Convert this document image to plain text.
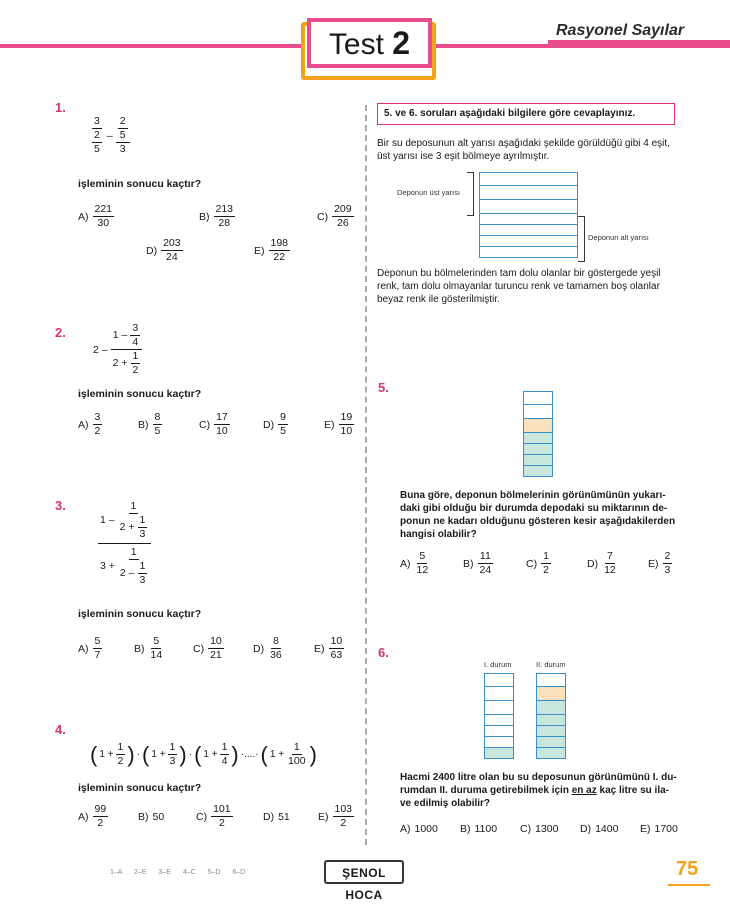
Test 2	Rasyonel Sayılar
1.
3
$\frac{2}{5} - \frac{2}{5}$
3
işleminin sonucu kaçtır?
$A) \frac{221}{30}$	$B) \frac{213}{28}$	$C) \frac{209}{26}$
$D) \frac{203}{24}$	$E) \frac{198}{22}$
2.
2 –
$1 - \frac{3}{4}$
$2 + \frac{1}{2}$
işleminin sonucu kaçtır?
$A) \frac{3}{2}$	$B) \frac{8}{5}$	$C) \frac{17}{10}$	$D) \frac{9}{5}$	$E) \frac{19}{10}$
3.	1 –
1
$2 + \frac{1}{3}$
$3 + \frac{1}{2 - \frac{1}{3}}$
işleminin sonucu kaçtır?
$A) \frac{5}{7}$	$B) \frac{5}{14}$	$C) \frac{10}{21}$	$D) \frac{8}{36}$	$E) \frac{10}{63}$
4.
( $1 + \frac{1}{2}$ ) · ( $1 + \frac{1}{3}$ ) · ( $1 + \frac{1}{4}$ ) ·....· ( $1 + \frac{1}{100}$ )
işleminin sonucu kaçtır?
$A) \frac{99}{2}$	B) 50	$C) \frac{101}{2}$	D) 51	$E) \frac{103}{2}$
5. ve 6. soruları aşağıdaki bilgilere göre cevaplayınız.
Bir su deposunun alt yarısı aşağıdaki şekilde görüldüğü gibi 4 eşit,
üst yarısı ise 3 eşit bölmeye ayrılmıştır.
Deponun üst yarısı
Deponun alt yarısı
Deponun bu bölmelerinden tam dolu olanlar bir göstergede yeşil
renk, tam dolu olmayanlar turuncu renk ve tamamen boş olanlar
beyaz renk ile gösterilmiştir.
5.
Buna göre, deponun bölmelerinin görünümünün yukarı-
daki gibi olduğu bir durumda depodaki su miktarının de-
ponun ne kadarı olduğunu gösteren kesir aşağıdakilerden
hangisi olabilir?
$A) \frac{5}{12}$	$B) \frac{11}{24}$	$C) \frac{1}{2}$	$D) \frac{7}{12}$	$E) \frac{2}{3}$
6.
I. durum	II. durum
Hacmi 2400 litre olan bu su deposunun görünümünü I. du-
rumdan II. duruma getirebilmek için en az kaç litre su ila-
ve edilmiş olabilir?
A) 1000 B) 1100 C) 1300 D) 1400 E) 1700
1–A 2–E 3–E 4–C 5–D 6–D	ŞENOL HOCA
75
